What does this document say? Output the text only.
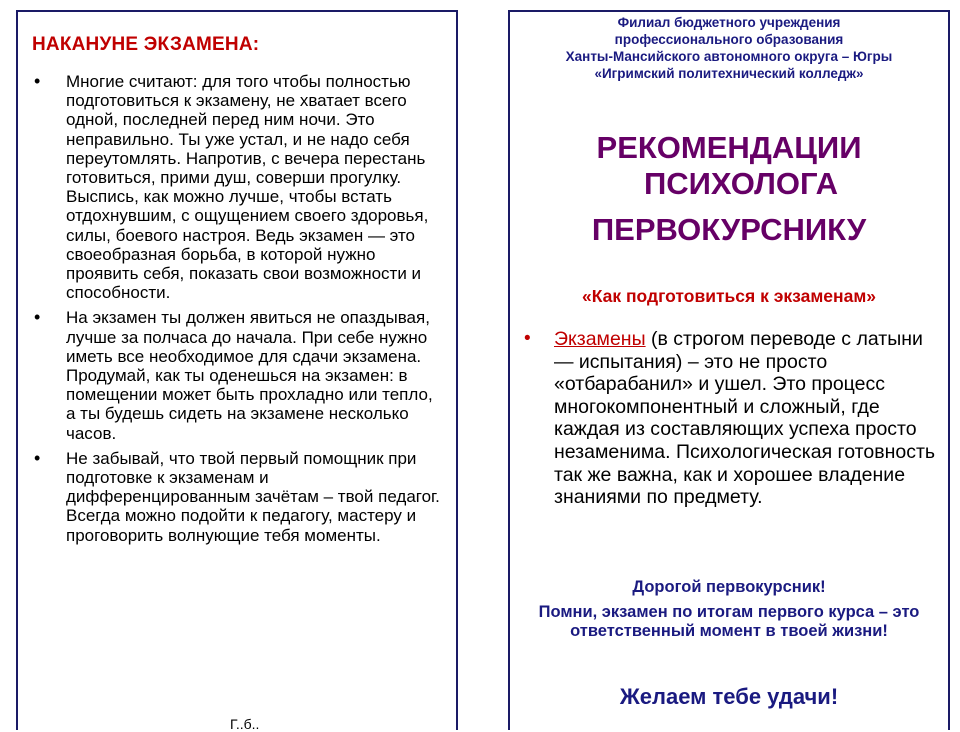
НАКАНУНЕ ЭКЗАМЕНА:
• Многие считают: для того чтобы полностью подготовиться к экзамену, не хватает всего одной, последней перед ним ночи. Это неправильно. Ты уже устал, и не надо себя переутомлять. Напротив, с вечера перестань готовиться, прими душ, соверши прогулку. Выспись, как можно лучше, чтобы встать отдохнувшим, с ощущением своего здоровья, силы, боевого настроя. Ведь экзамен — это своеобразная борьба, в которой нужно проявить себя, показать свои возможности и способности.
• На экзамен ты должен явиться не опаздывая, лучше за полчаса до начала. При себе нужно иметь все необходимое для сдачи экзамена. Продумай, как ты оденешься на экзамен: в помещении может быть прохладно или тепло, а ты будешь сидеть на экзамене несколько часов.
• Не забывай, что твой первый помощник при подготовке к экзаменам и дифференцированным зачётам – твой педагог. Всегда можно подойти к педагогу, мастеру и проговорить волнующие тебя моменты.
Г..б..
Филиал бюджетного учреждения
профессионального образования
Ханты-Мансийского автономного округа – Югры
«Игримский политехнический колледж»
РЕКОМЕНДАЦИИ
ПСИХОЛОГА
ПЕРВОКУРСНИКУ
«Как подготовиться к экзаменам»
•	Экзамены (в строгом переводе с латыни — испытания) – это не просто «отбарабанил» и ушел. Это процесс многокомпонентный и сложный, где каждая из составляющих успеха просто незаменима. Психологическая готовность так же важна, как и хорошее владение знаниями по предмету.
Дорогой первокурсник!
Помни, экзамен по итогам первого курса – это ответственный момент в твоей жизни!
Желаем тебе удачи!
